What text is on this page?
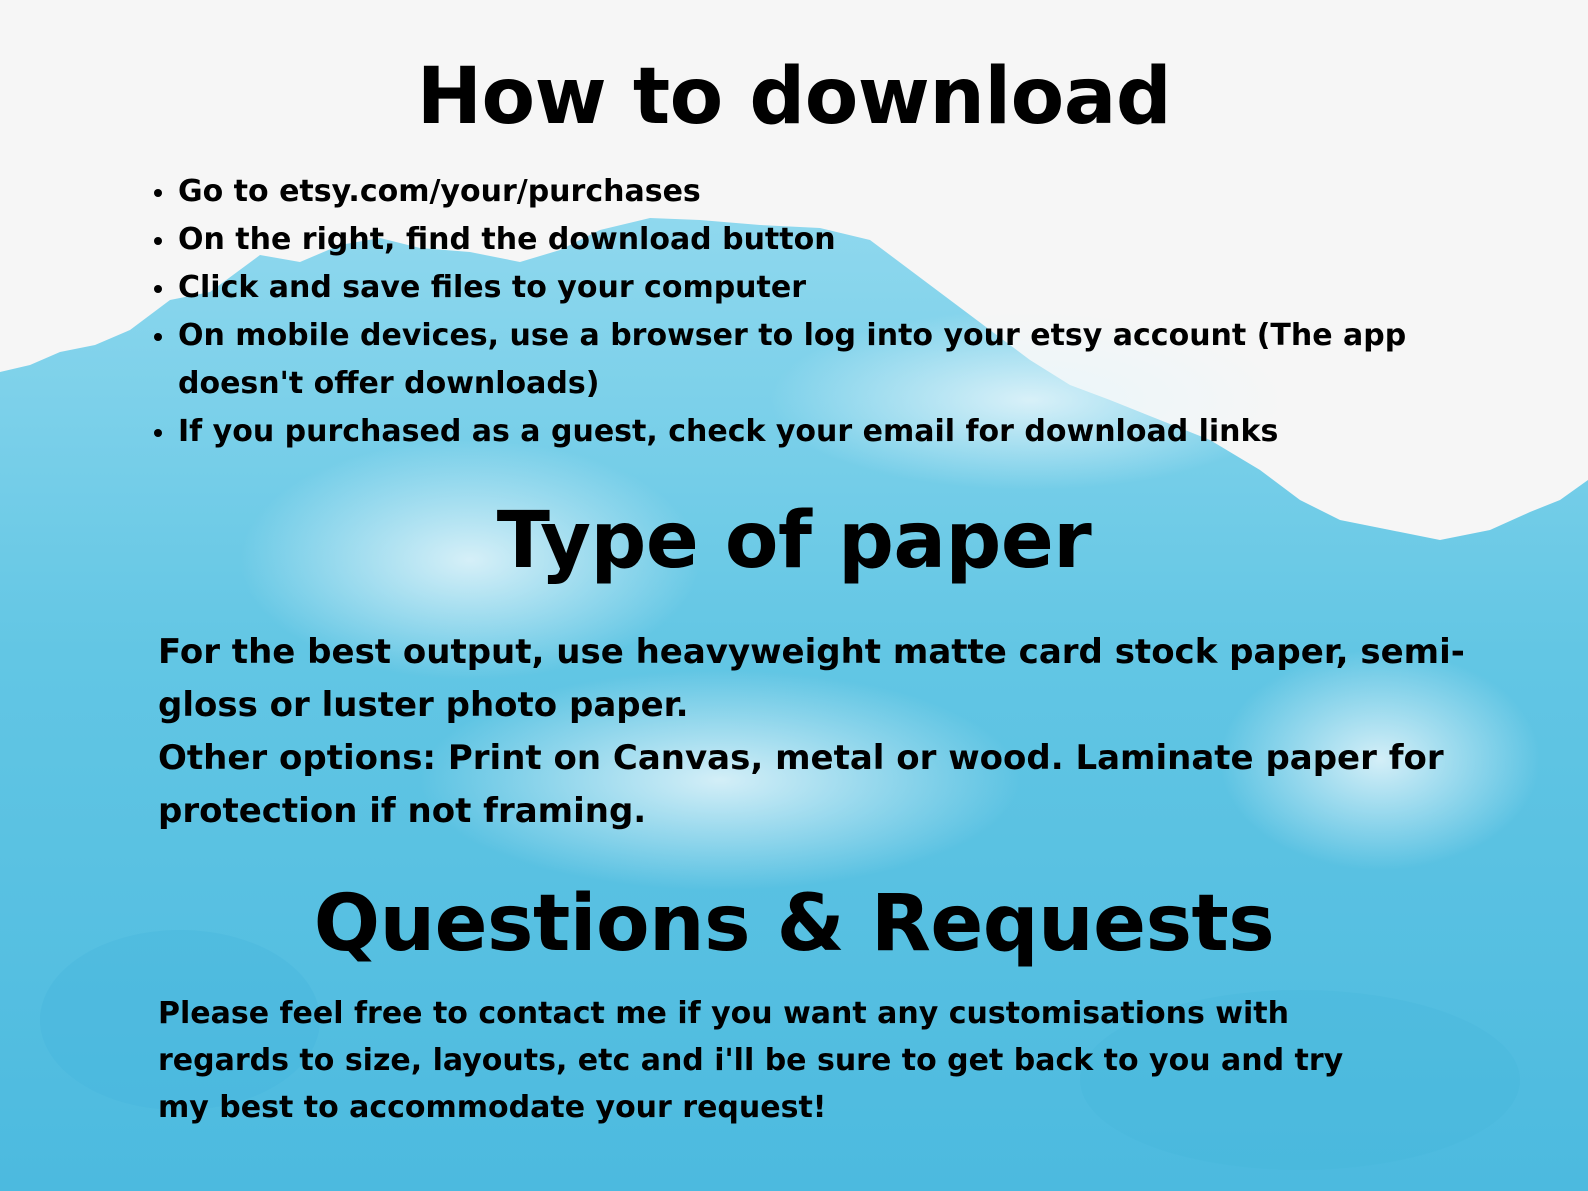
How to download
Go to etsy.com/your/purchases
On the right, find the download button
Click and save files to your computer
On mobile devices, use a browser to log into your etsy account (The app doesn't offer downloads)
If you purchased as a guest, check your email for download links
Type of paper
For the best output, use heavyweight matte card stock paper, semi-gloss or luster photo paper.
Other options: Print on Canvas, metal or wood. Laminate paper for protection if not framing.
Questions & Requests

Please feel free to contact me if you want any customisations with regards to size, layouts, etc and i'll be sure to get back to you and try my best to accommodate your request!
